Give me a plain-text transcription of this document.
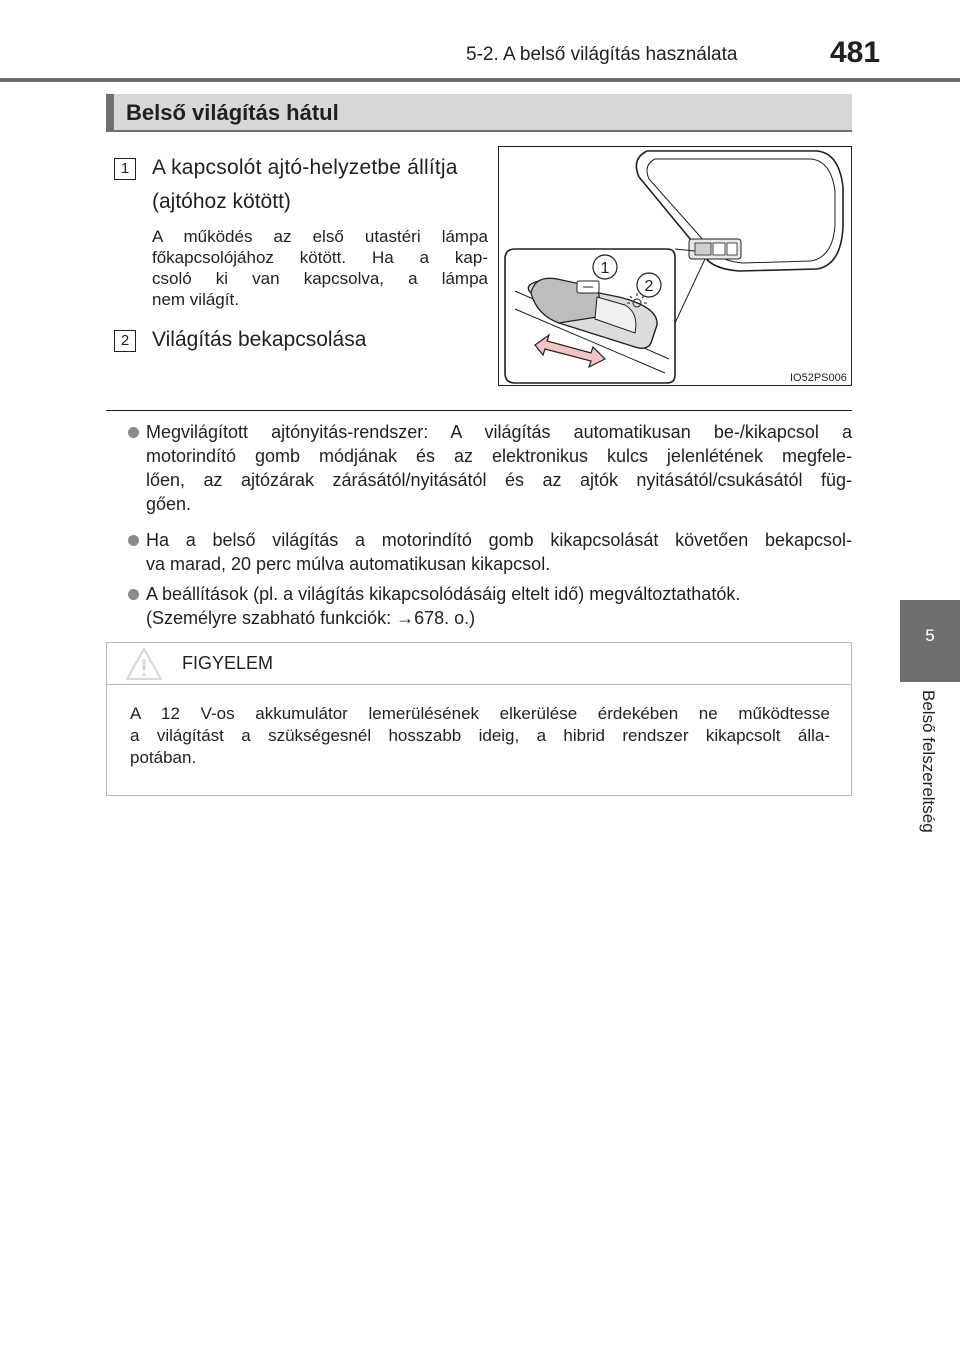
5-2. A belső világítás használata	481
5
Belső felszereltség
Belső világítás hátul
1	A kapcsolót ajtó-helyzetbe állítja
(ajtóhoz kötött)
A működés az első utastéri lámpa
főkapcsolójához kötött. Ha a kap-
csoló ki van kapcsolva, a lámpa
nem világít.
2	Világítás bekapcsolása
1
2
IO52PS006
Megvilágított ajtónyitás-rendszer: A világítás automatikusan be-/kikapcsol a
motorindító gomb módjának és az elektronikus kulcs jelenlétének megfele-
lően, az ajtózárak zárásától/nyitásától és az ajtók nyitásától/csukásától füg-
gően.
Ha a belső világítás a motorindító gomb kikapcsolását követően bekapcsol-
va marad, 20 perc múlva automatikusan kikapcsol.
A beállítások (pl. a világítás kikapcsolódásáig eltelt idő) megváltoztathatók.
(Személyre szabható funkciók: →678. o.)
FIGYELEM
A 12 V-os akkumulátor lemerülésének elkerülése érdekében ne működtesse
a világítást a szükségesnél hosszabb ideig, a hibrid rendszer kikapcsolt álla-
potában.
